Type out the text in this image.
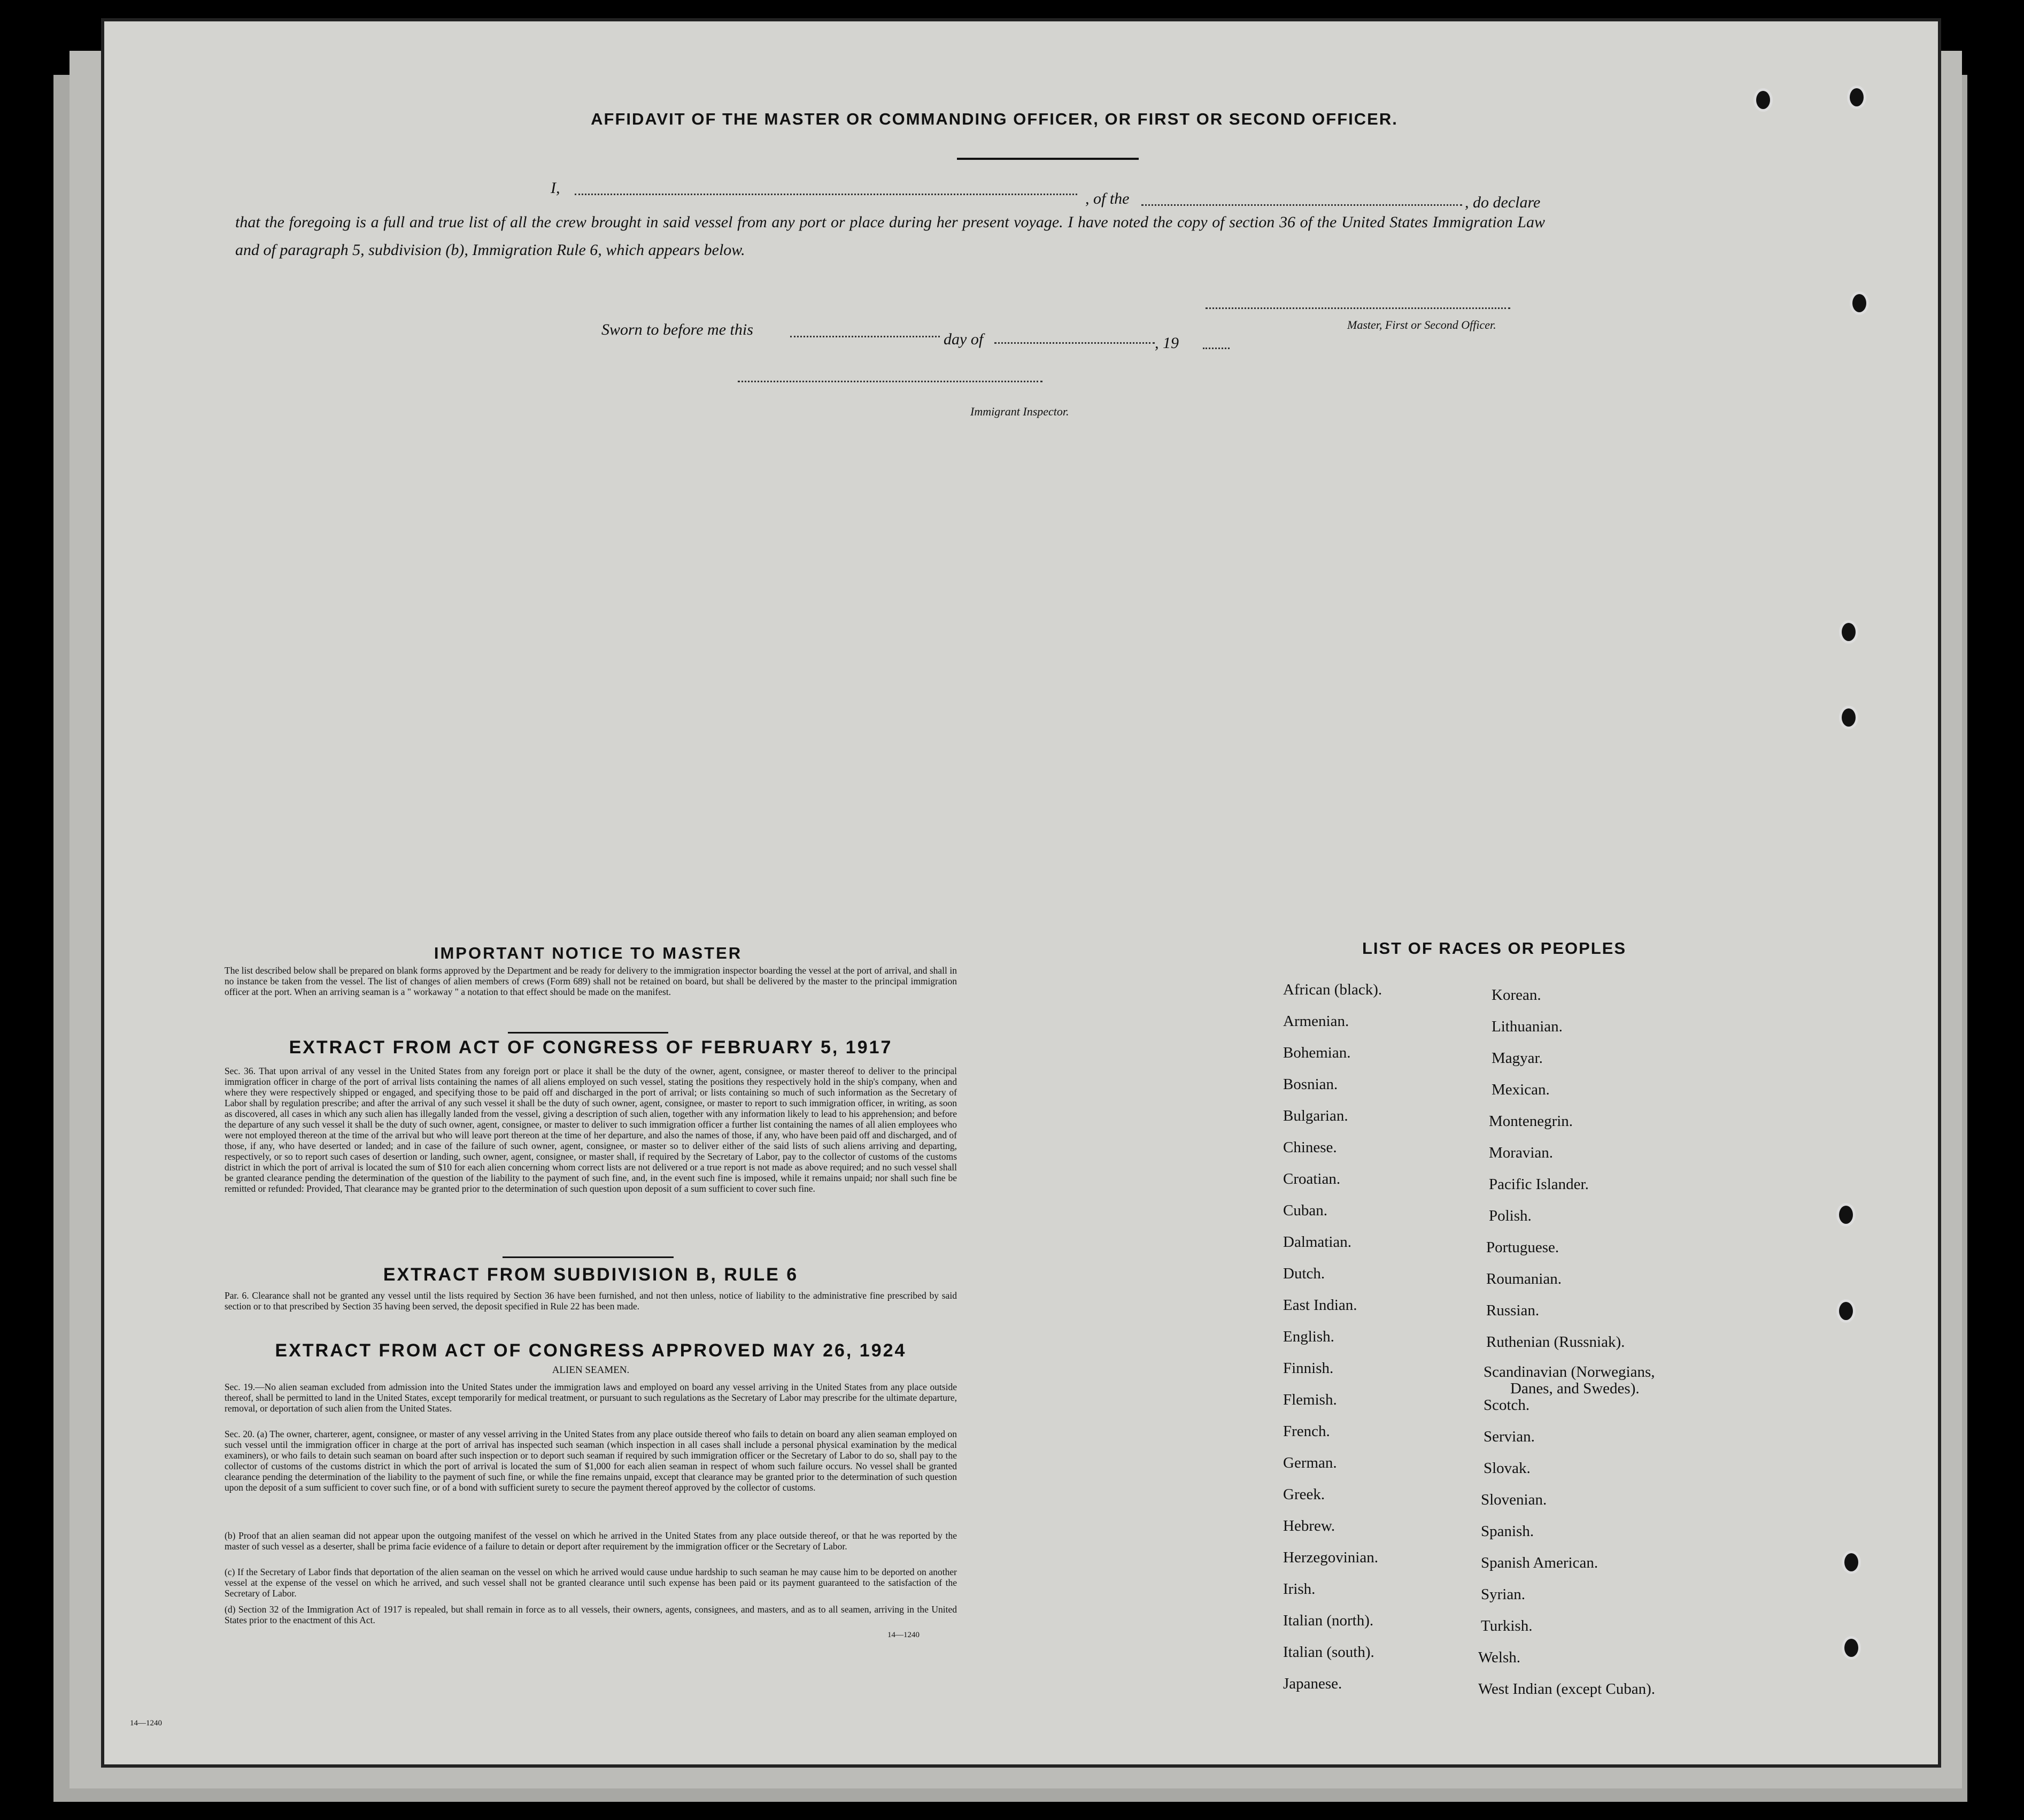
AFFIDAVIT OF THE MASTER OR COMMANDING OFFICER, OR FIRST OR SECOND OFFICER.
I,
, of the	, do declare
that the foregoing is a full and true list of all the crew brought in said vessel from any port or place during her present voyage. I have noted the copy of section 36 of the United States Immigration Law and of paragraph 5, subdivision (b), Immigration Rule 6, which appears below.
Master, First or Second Officer.
Sworn to before me this
day of	, 19
Immigrant Inspector.
IMPORTANT NOTICE TO MASTER
The list described below shall be prepared on blank forms approved by the Department and be ready for delivery to the immigration inspector boarding the vessel at the port of arrival, and shall in no instance be taken from the vessel. The list of changes of alien members of crews (Form 689) shall not be retained on board, but shall be delivered by the master to the principal immigration officer at the port. When an arriving seaman is a " workaway " a notation to that effect should be made on the manifest.
EXTRACT FROM ACT OF CONGRESS OF FEBRUARY 5, 1917
Sec. 36. That upon arrival of any vessel in the United States from any foreign port or place it shall be the duty of the owner, agent, consignee, or master thereof to deliver to the principal immigration officer in charge of the port of arrival lists containing the names of all aliens employed on such vessel, stating the positions they respectively hold in the ship's company, when and where they were respectively shipped or engaged, and specifying those to be paid off and discharged in the port of arrival; or lists containing so much of such information as the Secretary of Labor shall by regulation prescribe; and after the arrival of any such vessel it shall be the duty of such owner, agent, consignee, or master to report to such immigration officer, in writing, as soon as discovered, all cases in which any such alien has illegally landed from the vessel, giving a description of such alien, together with any information likely to lead to his apprehension; and before the departure of any such vessel it shall be the duty of such owner, agent, consignee, or master to deliver to such immigration officer a further list containing the names of all alien employees who were not employed thereon at the time of the arrival but who will leave port thereon at the time of her departure, and also the names of those, if any, who have been paid off and discharged, and of those, if any, who have deserted or landed; and in case of the failure of such owner, agent, consignee, or master so to deliver either of the said lists of such aliens arriving and departing, respectively, or so to report such cases of desertion or landing, such owner, agent, consignee, or master shall, if required by the Secretary of Labor, pay to the collector of customs of the customs district in which the port of arrival is located the sum of $10 for each alien concerning whom correct lists are not delivered or a true report is not made as above required; and no such vessel shall be granted clearance pending the determination of the question of the liability to the payment of such fine, and, in the event such fine is imposed, while it remains unpaid; nor shall such fine be remitted or refunded: Provided, That clearance may be granted prior to the determination of such question upon deposit of a sum sufficient to cover such fine.
EXTRACT FROM SUBDIVISION B, RULE 6
Par. 6. Clearance shall not be granted any vessel until the lists required by Section 36 have been furnished, and not then unless, notice of liability to the administrative fine prescribed by said section or to that prescribed by Section 35 having been served, the deposit specified in Rule 22 has been made.
EXTRACT FROM ACT OF CONGRESS APPROVED MAY 26, 1924
ALIEN SEAMEN.
Sec. 19.—No alien seaman excluded from admission into the United States under the immigration laws and employed on board any vessel arriving in the United States from any place outside thereof, shall be permitted to land in the United States, except temporarily for medical treatment, or pursuant to such regulations as the Secretary of Labor may prescribe for the ultimate departure, removal, or deportation of such alien from the United States.
Sec. 20. (a) The owner, charterer, agent, consignee, or master of any vessel arriving in the United States from any place outside thereof who fails to detain on board any alien seaman employed on such vessel until the immigration officer in charge at the port of arrival has inspected such seaman (which inspection in all cases shall include a personal physical examination by the medical examiners), or who fails to detain such seaman on board after such inspection or to deport such seaman if required by such immigration officer or the Secretary of Labor to do so, shall pay to the collector of customs of the customs district in which the port of arrival is located the sum of $1,000 for each alien seaman in respect of whom such failure occurs. No vessel shall be granted clearance pending the determination of the liability to the payment of such fine, or while the fine remains unpaid, except that clearance may be granted prior to the determination of such question upon the deposit of a sum sufficient to cover such fine, or of a bond with sufficient surety to secure the payment thereof approved by the collector of customs.
(b) Proof that an alien seaman did not appear upon the outgoing manifest of the vessel on which he arrived in the United States from any place outside thereof, or that he was reported by the master of such vessel as a deserter, shall be prima facie evidence of a failure to detain or deport after requirement by the immigration officer or the Secretary of Labor.
(c) If the Secretary of Labor finds that deportation of the alien seaman on the vessel on which he arrived would cause undue hardship to such seaman he may cause him to be deported on another vessel at the expense of the vessel on which he arrived, and such vessel shall not be granted clearance until such expense has been paid or its payment guaranteed to the satisfaction of the Secretary of Labor.
(d) Section 32 of the Immigration Act of 1917 is repealed, but shall remain in force as to all vessels, their owners, agents, consignees, and masters, and as to all seamen, arriving in the United States prior to the enactment of this Act.
14—1240
14—1240
LIST OF RACES OR PEOPLES
African (black).
Armenian.
Bohemian.
Bosnian.
Bulgarian.
Chinese.
Croatian.
Cuban.
Dalmatian.
Dutch.
East Indian.
English.
Finnish.
Flemish.
French.
German.
Greek.
Hebrew.
Herzegovinian.
Irish.
Italian (north).
Italian (south).
Japanese.
Korean.
Lithuanian.
Magyar.
Mexican.
Montenegrin.
Moravian.
Pacific Islander.
Polish.
Portuguese.
Roumanian.
Russian.
Ruthenian (Russniak).
Scandinavian (Norwegians,
Danes, and Swedes).
Scotch.
Servian.
Slovak.
Slovenian.
Spanish.
Spanish American.
Syrian.
Turkish.
Welsh.
West Indian (except Cuban).
